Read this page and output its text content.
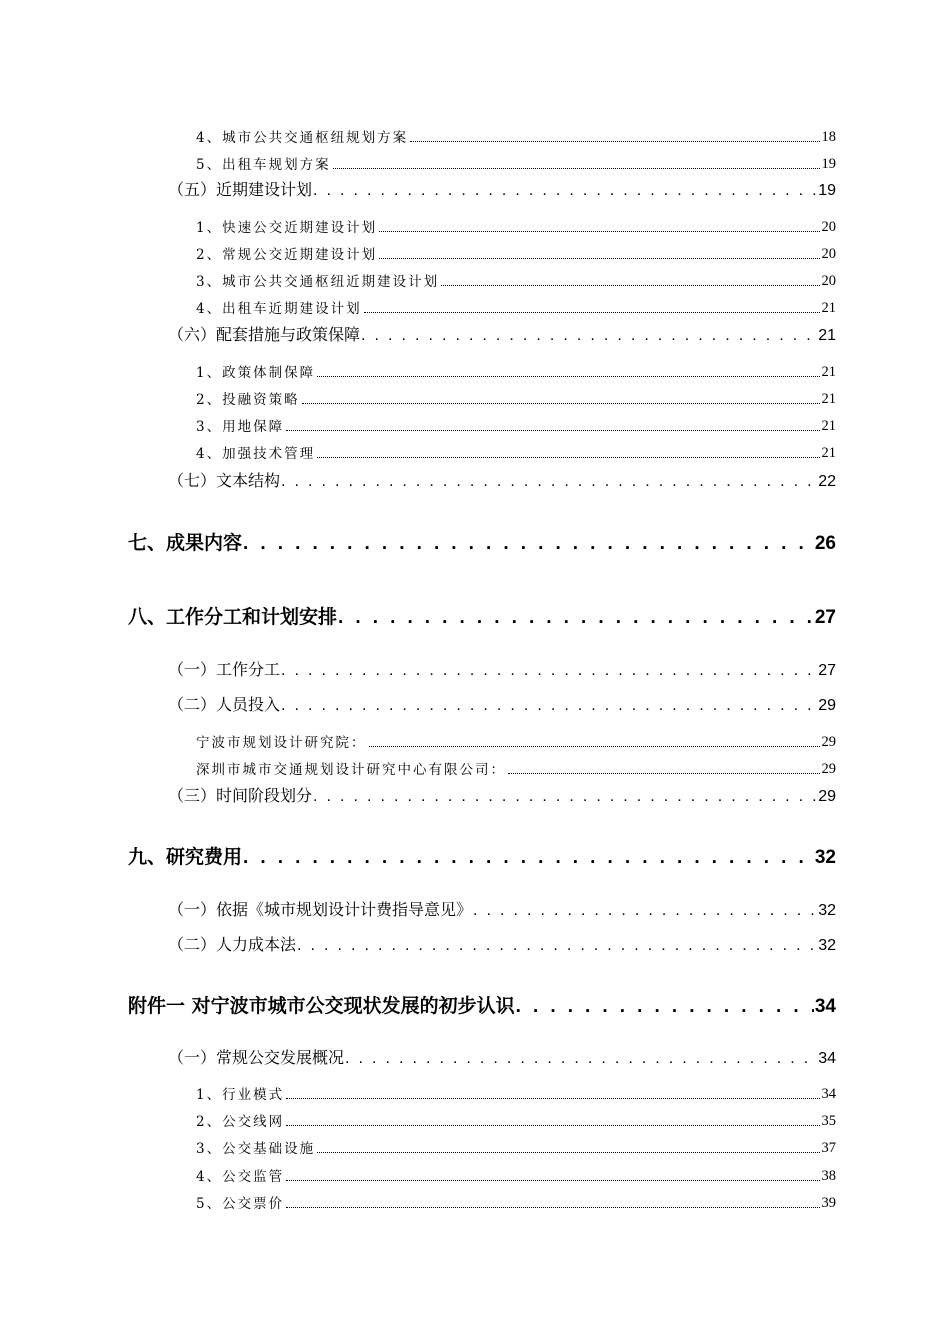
4、城市公共交通枢纽规划方案	18
5、出租车规划方案	19
（五）近期建设计划 . . .	19
1、快速公交近期建设计划	20
2、常规公交近期建设计划	20
3、城市公共交通枢纽近期建设计划	20
4、出租车近期建设计划	21
（六）配套措施与政策保障 . . .	21
1、政策体制保障	21
2、投融资策略	21
3、用地保障	21
4、加强技术管理	21
（七）文本结构 . . .	22
七、成果内容 . . .	26
八、工作分工和计划安排 . . .	27
（一）工作分工 . . .	27
（二）人员投入 . . .	29
宁波市规划设计研究院：	29
深圳市城市交通规划设计研究中心有限公司：	29
（三）时间阶段划分 . . .	29
九、研究费用 . . .	32
（一）依据《城市规划设计计费指导意见》 . . .	32
（二）人力成本法 . . .	32
附件一 对宁波市城市公交现状发展的初步认识 . . .	34
（一）常规公交发展概况 . . .	34
1、行业模式	34
2、公交线网	35
3、公交基础设施	37
4、公交监管	38
5、公交票价	39
